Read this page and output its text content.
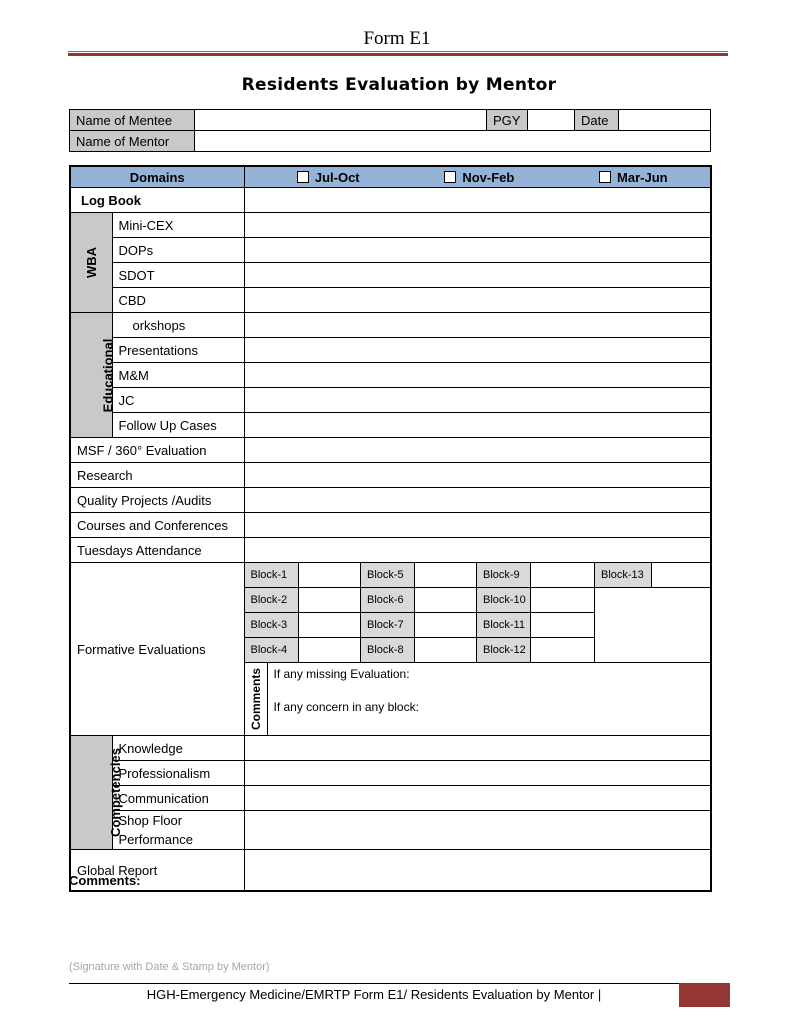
Form E1
Residents Evaluation by Mentor
Name of Mentee		PGY		Date	
Name of Mentor					
Domains	Jul-Oct	Nov-Feb	Mar-Jun

Log Book	
WBA	Mini-CEX	
DOPs	
SDOT	
CBD	
Educational	orkshops	
Presentations	
M&M	
JC	
Follow Up Cases	
MSF / 360° Evaluation	
Research	
Quality Projects /Audits	
Courses and Conferences	
Tuesdays Attendance	
Formative Evaluations	
Block-1		Block-5		Block-9		Block-13	
Block-2		Block-6		Block-10		
Block-3		Block-7		Block-11	
Block-4		Block-8		Block-12	

Comments If any missing Evaluation:
If any concern in any block:

Competencies	Knowledge	
Professionalism	
Communication	

Shop Floor
Performance

Global Report	
Comments:
(Signature with Date & Stamp by Mentor)
HGH-Emergency Medicine/EMRTP Form E1/ Residents Evaluation by Mentor |
